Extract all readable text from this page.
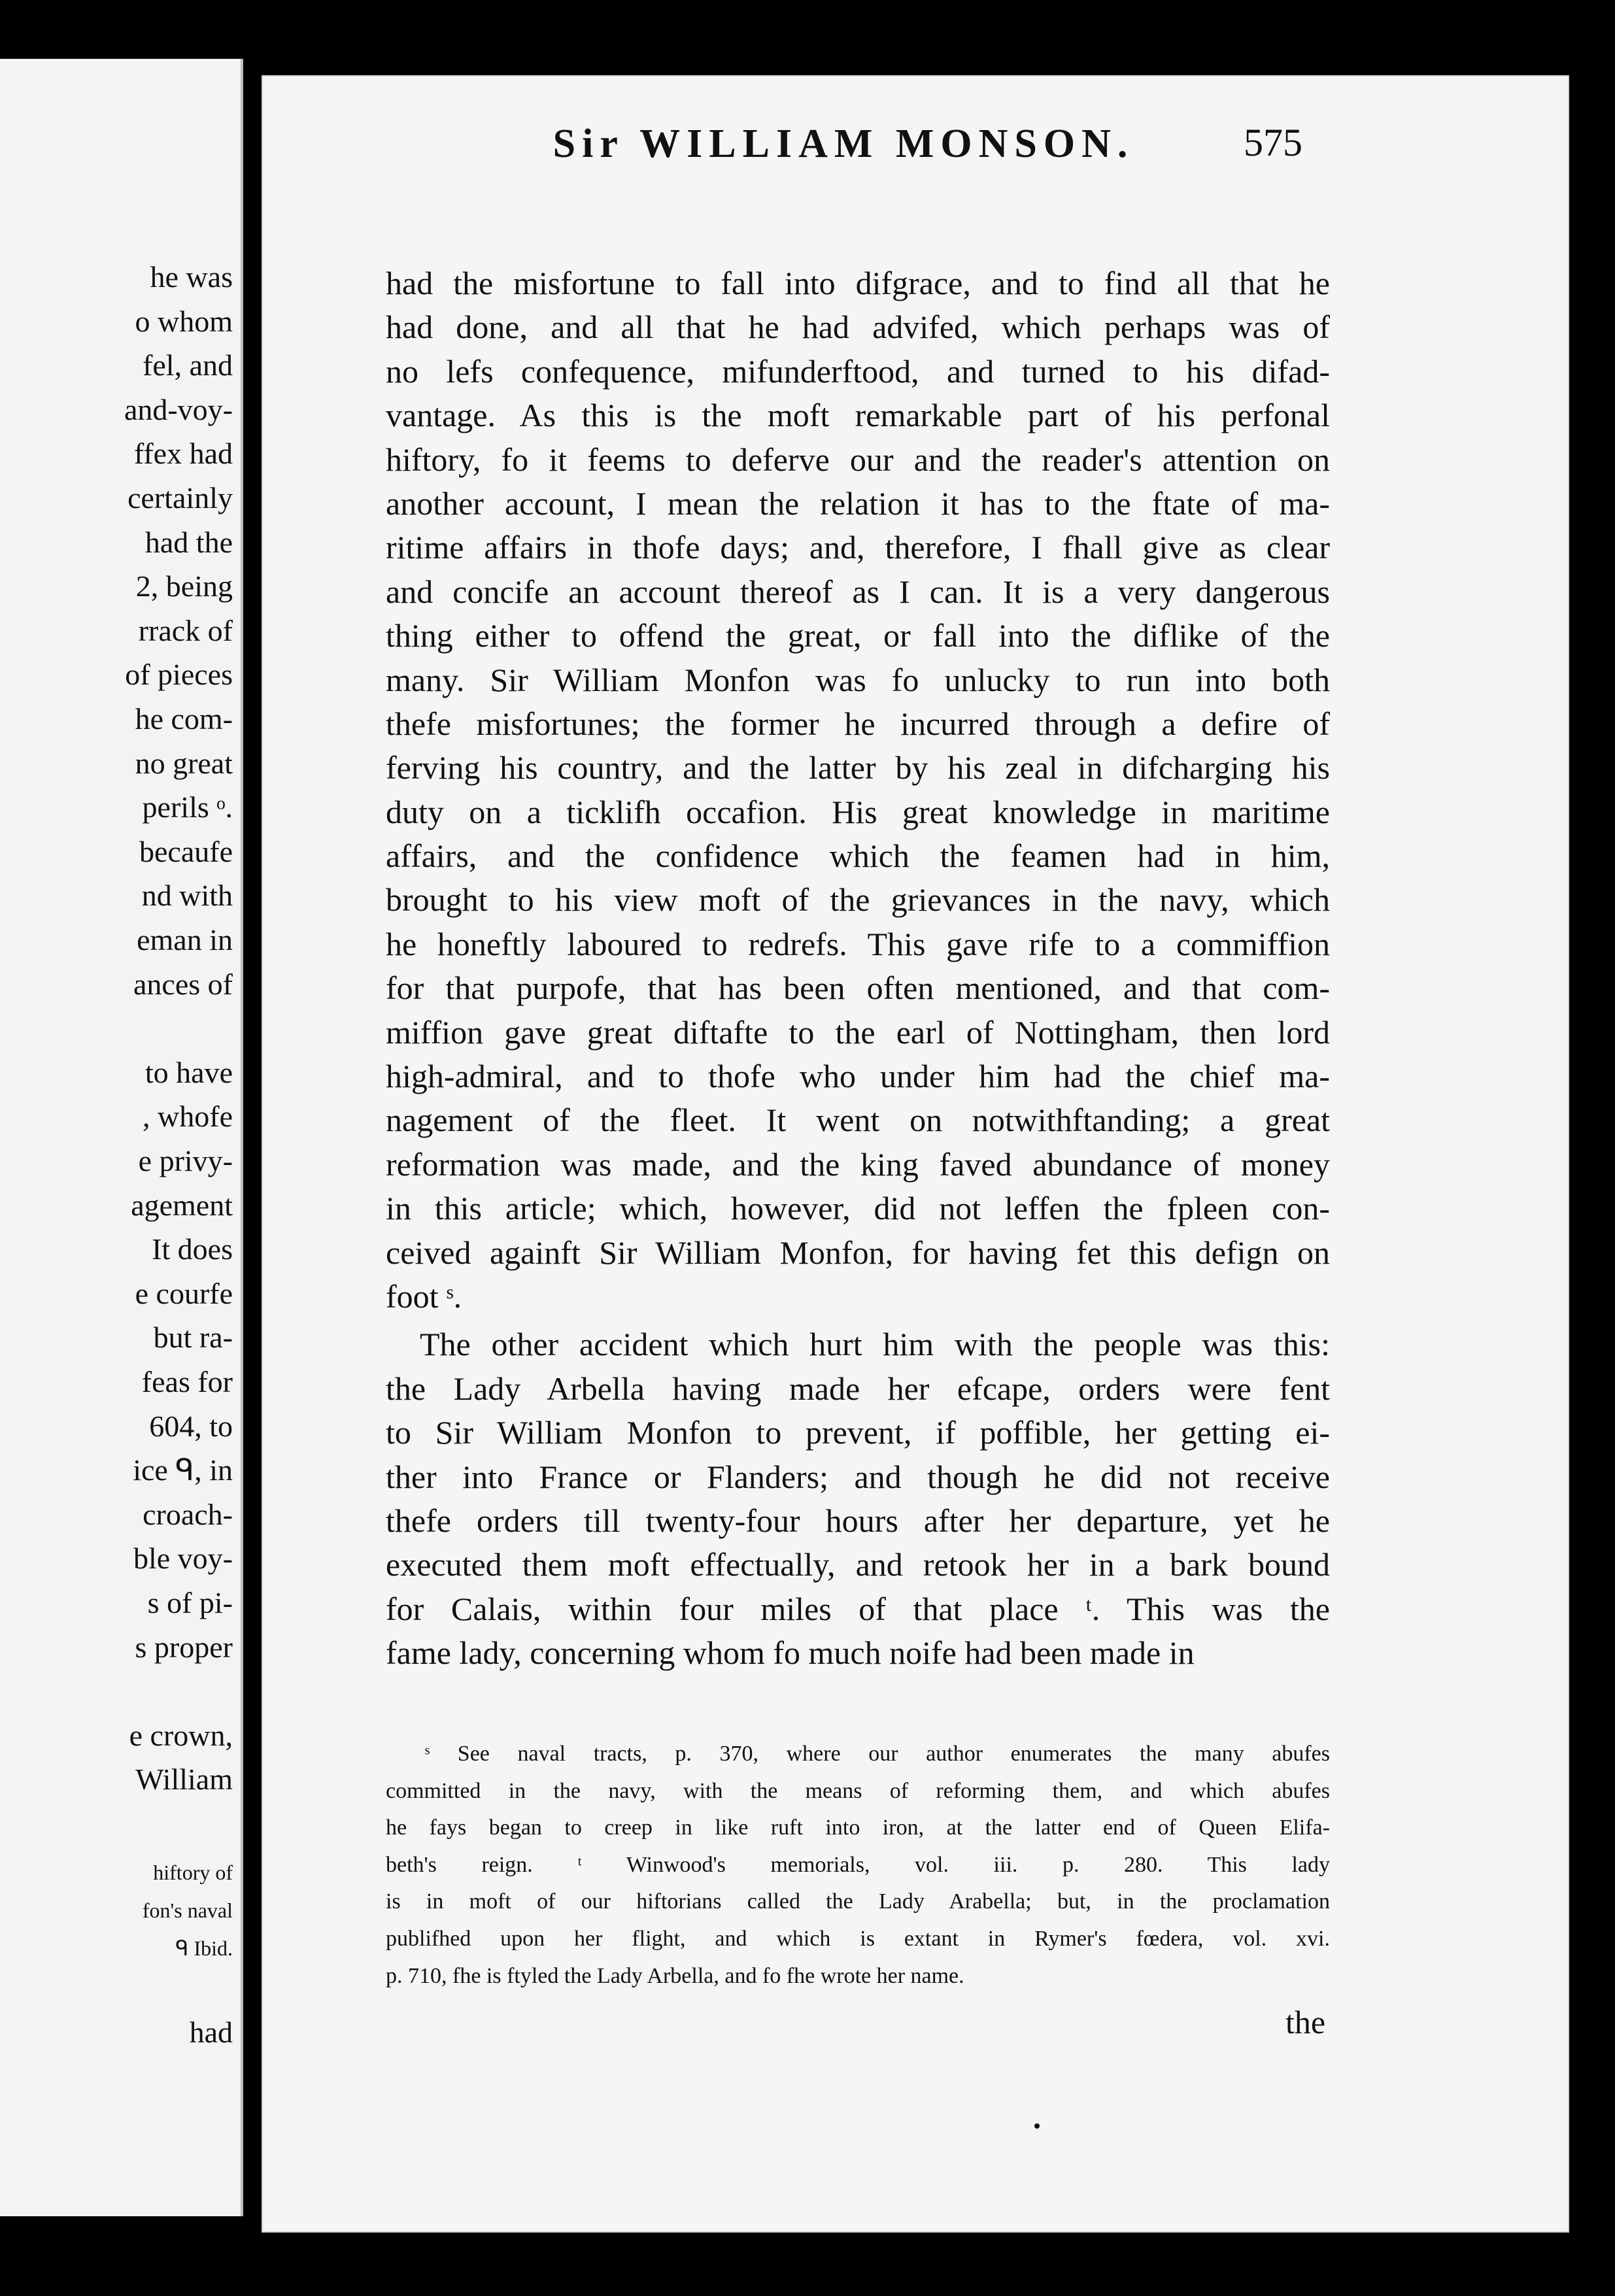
he was
o whom
fel, and
and-voy-
ffex had
certainly
had the
2, being
rrack of
of pieces
he com-
no great
perils ᵒ.
becaufe
nd with
eman in
ances of
to have
, whofe
e privy-
agement
It does
e courfe
but ra-
feas for
604, to
ice ᑫ, in
croach-
ble voy-
s of pi-
s proper
e crown,
William
hiftory of
fon's naval
ᑫ Ibid.
had
Sir WILLIAM MONSON.	575
had the misfortune to fall into difgrace, and to find all that he
had done, and all that he had advifed, which perhaps was of
no lefs confequence, mifunderftood, and turned to his difad-
vantage. As this is the moft remarkable part of his perfonal
hiftory, fo it feems to deferve our and the reader's attention on
another account, I mean the relation it has to the ftate of ma-
ritime affairs in thofe days; and, therefore, I fhall give as clear
and concife an account thereof as I can. It is a very dangerous
thing either to offend the great, or fall into the diflike of the
many. Sir William Monfon was fo unlucky to run into both
thefe misfortunes; the former he incurred through a defire of
ferving his country, and the latter by his zeal in difcharging his
duty on a ticklifh occafion. His great knowledge in maritime
affairs, and the confidence which the feamen had in him,
brought to his view moft of the grievances in the navy, which
he honeftly laboured to redrefs. This gave rife to a commiffion
for that purpofe, that has been often mentioned, and that com-
miffion gave great diftafte to the earl of Nottingham, then lord
high-admiral, and to thofe who under him had the chief ma-
nagement of the fleet. It went on notwithftanding; a great
reformation was made, and the king faved abundance of money
in this article; which, however, did not leffen the fpleen con-
ceived againft Sir William Monfon, for having fet this defign on
foot ˢ.
The other accident which hurt him with the people was this:
the Lady Arbella having made her efcape, orders were fent
to Sir William Monfon to prevent, if poffible, her getting ei-
ther into France or Flanders; and though he did not receive
thefe orders till twenty-four hours after her departure, yet he
executed them moft effectually, and retook her in a bark bound
for Calais, within four miles of that place ᵗ. This was the
fame lady, concerning whom fo much noife had been made in
ˢ See naval tracts, p. 370, where our author enumerates the many abufes
committed in the navy, with the means of reforming them, and which abufes
he fays began to creep in like ruft into iron, at the latter end of Queen Elifa-
beth's reign. ᵗ Winwood's memorials, vol. iii. p. 280. This lady
is in moft of our hiftorians called the Lady Arabella; but, in the proclamation
publifhed upon her flight, and which is extant in Rymer's fœdera, vol. xvi.
p. 710, fhe is ftyled the Lady Arbella, and fo fhe wrote her name.
the
